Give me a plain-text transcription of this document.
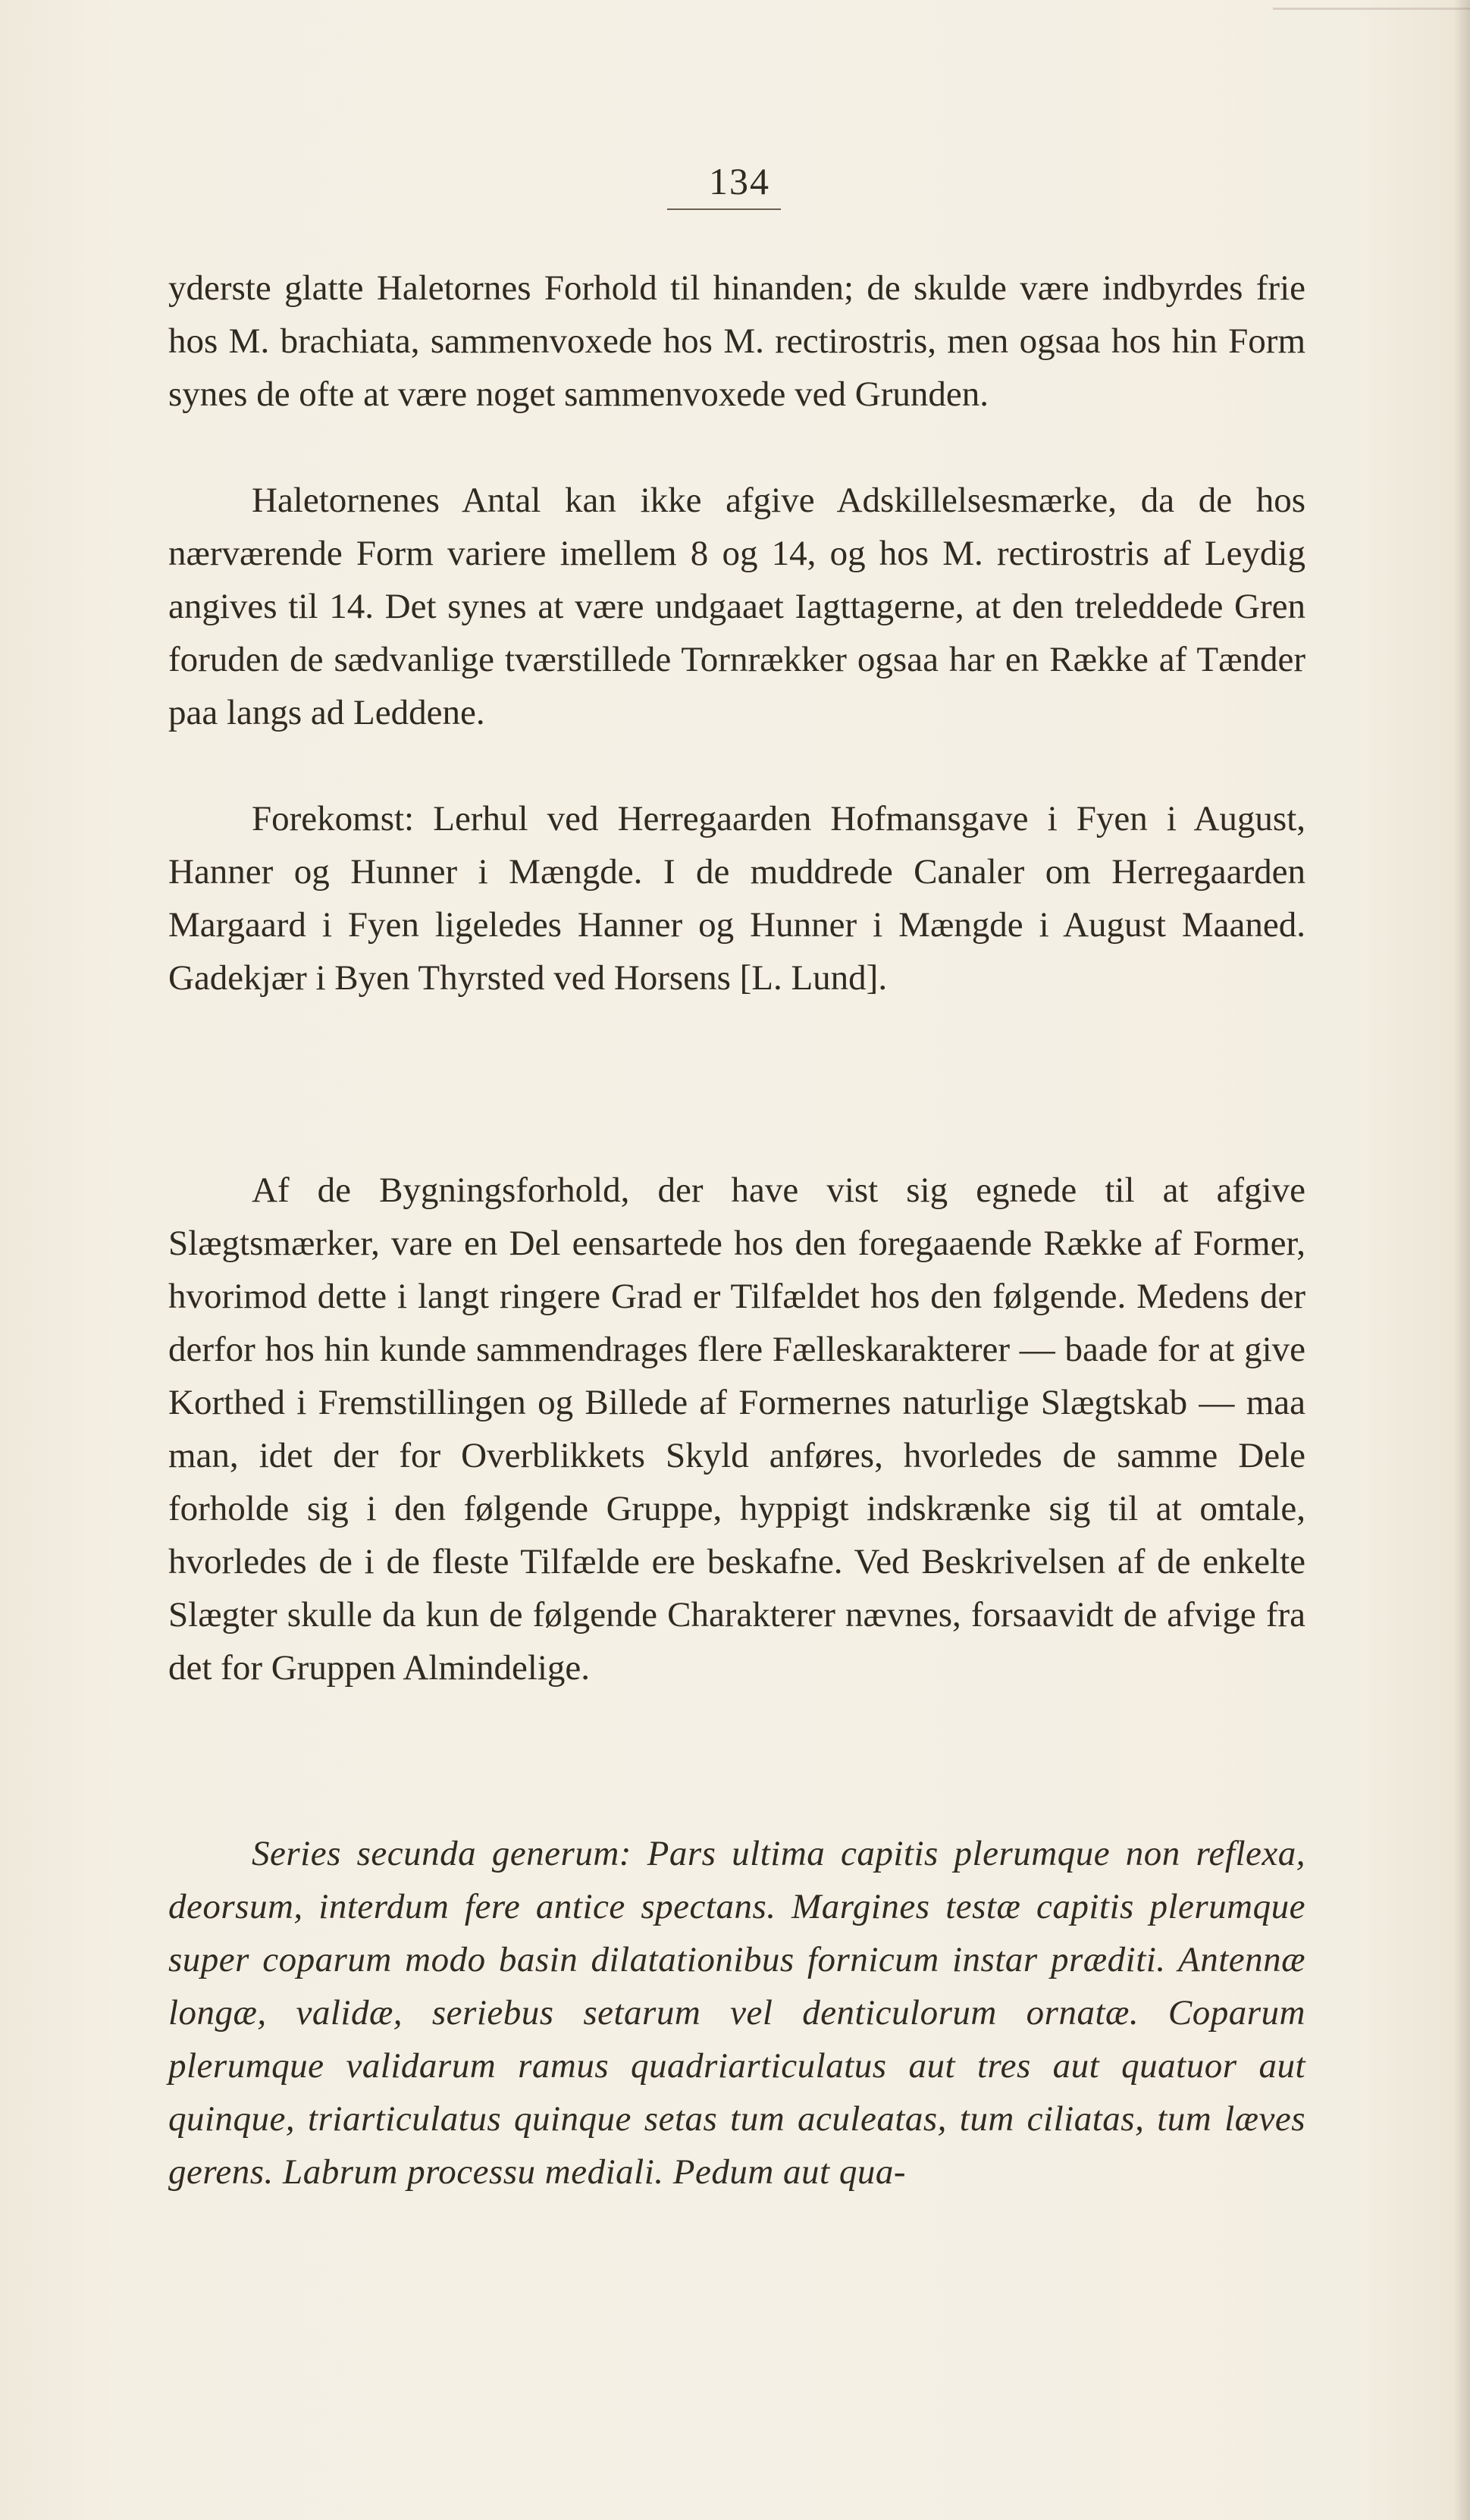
134
yderste glatte Haletornes Forhold til hinanden; de skulde være indbyrdes frie hos M. brachiata, sammenvoxede hos M. rectirostris, men ogsaa hos hin Form synes de ofte at være noget sammenvoxede ved Grunden.

Haletornenes Antal kan ikke afgive Adskillelsesmærke, da de hos nærværende Form variere imellem 8 og 14, og hos M. rectirostris af Leydig angives til 14. Det synes at være undgaaet Iagttagerne, at den treleddede Gren foruden de sædvanlige tværstillede Tornrækker ogsaa har en Række af Tænder paa langs ad Leddene.

Forekomst: Lerhul ved Herregaarden Hofmansgave i Fyen i August, Hanner og Hunner i Mængde. I de muddrede Canaler om Herregaarden Margaard i Fyen ligeledes Hanner og Hunner i Mængde i August Maaned. Gadekjær i Byen Thyrsted ved Horsens [L. Lund].

Af de Bygningsforhold, der have vist sig egnede til at afgive Slægtsmærker, vare en Del eensartede hos den foregaaende Række af Former, hvorimod dette i langt ringere Grad er Tilfældet hos den følgende. Medens der derfor hos hin kunde sammendrages flere Fælleskarakterer — baade for at give Korthed i Fremstillingen og Billede af Formernes naturlige Slægtskab — maa man, idet der for Overblikkets Skyld anføres, hvorledes de samme Dele forholde sig i den følgende Gruppe, hyppigt indskrænke sig til at omtale, hvorledes de i de fleste Tilfælde ere beskafne. Ved Beskrivelsen af de enkelte Slægter skulle da kun de følgende Charakterer nævnes, forsaavidt de afvige fra det for Gruppen Almindelige.

Series secunda generum: Pars ultima capitis plerumque non reflexa, deorsum, interdum fere antice spectans. Margines testæ capitis plerumque super coparum modo basin dilatationibus fornicum instar præditi. Antennæ longæ, validæ, seriebus setarum vel denticulorum ornatæ. Coparum plerumque validarum ramus quadriarticulatus aut tres aut quatuor aut quinque, triarticulatus quinque setas tum aculeatas, tum ciliatas, tum læves gerens. Labrum processu mediali. Pedum aut qua-
